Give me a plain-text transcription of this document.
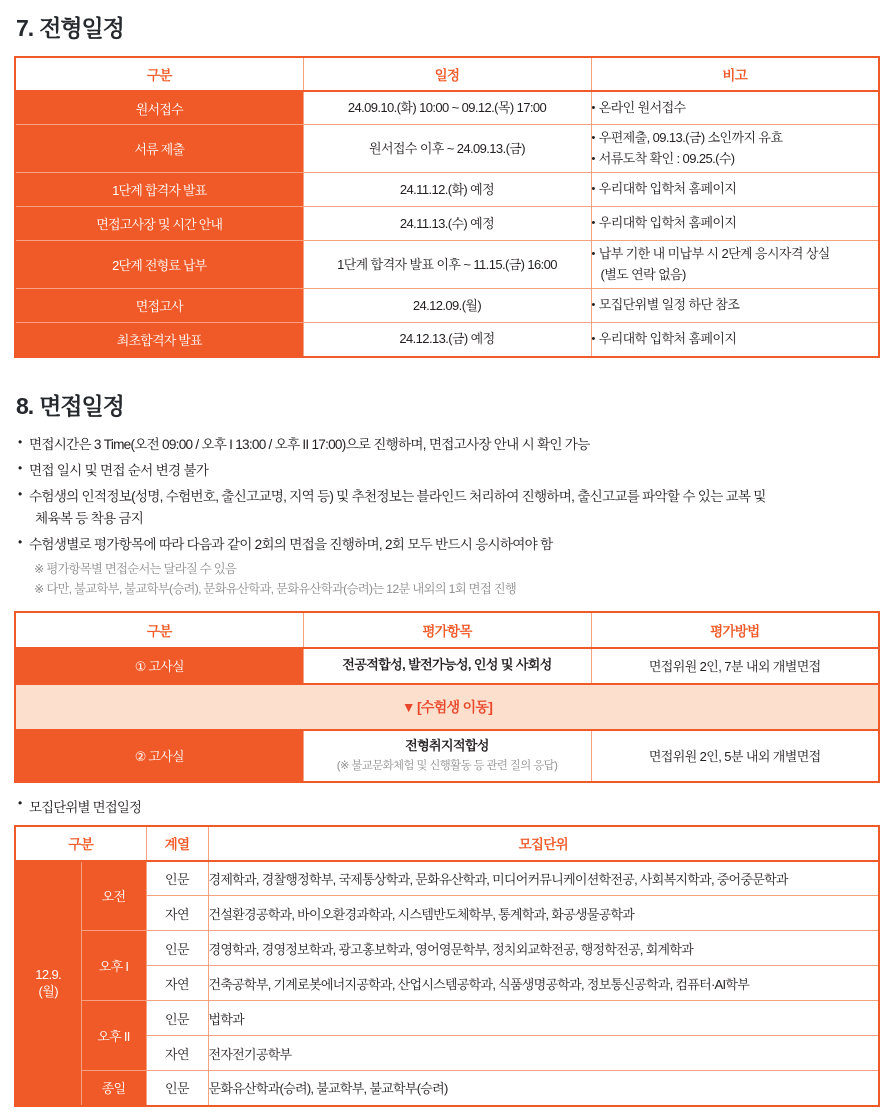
7. 전형일정
구분	일정	비고
원서접수	24.09.10.(화) 10:00 ~ 09.12.(목) 17:00	• 온라인 원서접수

서류 제출	원서접수 이후 ~ 24.09.13.(금)	• 우편제출, 09.13.(금) 소인까지 유효
• 서류도착 확인 : 09.25.(수)

1단계 합격자 발표	24.11.12.(화) 예정	• 우리대학 입학처 홈페이지

면접고사장 및 시간 안내	24.11.13.(수) 예정	• 우리대학 입학처 홈페이지

2단계 전형료 납부	1단계 합격자 발표 이후 ~ 11.15.(금) 16:00	• 납부 기한 내 미납부 시 2단계 응시자격 상실
(별도 연락 없음)

면접고사	24.12.09.(월)	• 모집단위별 일정 하단 참조

최초합격자 발표	24.12.13.(금) 예정	• 우리대학 입학처 홈페이지
8. 면접일정
• 면접시간은 3 Time(오전 09:00 / 오후 I 13:00 / 오후 II 17:00)으로 진행하며, 면접고사장 안내 시 확인 가능
• 면접 일시 및 면접 순서 변경 불가
• 수험생의 인적정보(성명, 수험번호, 출신고교명, 지역 등) 및 추천정보는 블라인드 처리하여 진행하며, 출신고교를 파악할 수 있는 교복 및
체육복 등 착용 금지
• 수험생별로 평가항목에 따라 다음과 같이 2회의 면접을 진행하며, 2회 모두 반드시 응시하여야 함
※ 평가항목별 면접순서는 달라질 수 있음
※ 다만, 불교학부, 불교학부(승려), 문화유산학과, 문화유산학과(승려)는 12분 내외의 1회 면접 진행
구분	평가항목	평가방법
① 고사실	전공적합성, 발전가능성, 인성 및 사회성	면접위원 2인, 7분 내외 개별면접
▼ [수험생 이동]		
② 고사실	전형취지적합성
(※ 불교문화체험 및 신행활동 등 관련 질의 응답)	면접위원 2인, 5분 내외 개별면접
• 모집단위별 면접일정
구분		계열	모집단위

12.9.
(월)	오전	인문	경제학과, 경찰행정학부, 국제통상학과, 문화유산학과, 미디어커뮤니케이션학전공, 사회복지학과, 중어중문학과
		자연	건설환경공학과, 바이오환경과학과, 시스템반도체학부, 통계학과, 화공생물공학과
	오후 I	인문	경영학과, 경영정보학과, 광고홍보학과, 영어영문학부, 정치외교학전공, 행정학전공, 회계학과
		자연	건축공학부, 기계로봇에너지공학과, 산업시스템공학과, 식품생명공학과, 정보통신공학과, 컴퓨터·AI학부
	오후 II	인문	법학과
		자연	전자전기공학부
	종일	인문	문화유산학과(승려), 불교학부, 불교학부(승려)
